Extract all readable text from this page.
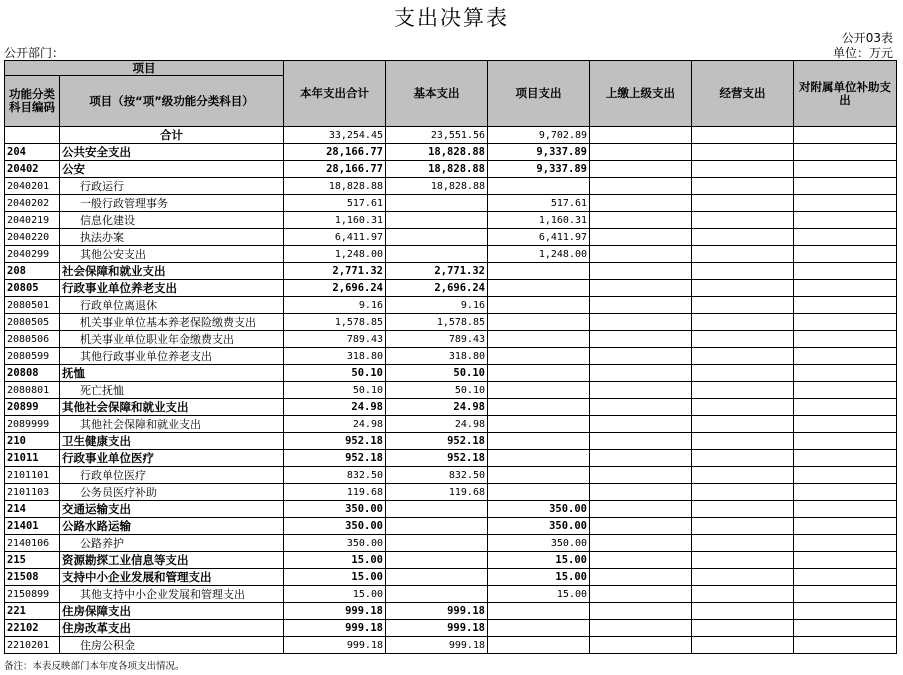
支出决算表
公开03表
公开部门：	单位：万元
项目		本年支出合计	基本支出	项目支出	上缴上级支出	经营支出	对附属单位补助支出
功能分类科目编码	项目（按“项”级功能分类科目）						
	合计	33,254.45	23,551.56	9,702.89			
204	公共安全支出	28,166.77	18,828.88	9,337.89			
20402	公安	28,166.77	18,828.88	9,337.89			
2040201	行政运行	18,828.88	18,828.88				
2040202	一般行政管理事务	517.61		517.61			
2040219	信息化建设	1,160.31		1,160.31			
2040220	执法办案	6,411.97		6,411.97			
2040299	其他公安支出	1,248.00		1,248.00			
208	社会保障和就业支出	2,771.32	2,771.32				
20805	行政事业单位养老支出	2,696.24	2,696.24				
2080501	行政单位离退休	9.16	9.16				
2080505	机关事业单位基本养老保险缴费支出	1,578.85	1,578.85				
2080506	机关事业单位职业年金缴费支出	789.43	789.43				
2080599	其他行政事业单位养老支出	318.80	318.80				
20808	抚恤	50.10	50.10				
2080801	死亡抚恤	50.10	50.10				
20899	其他社会保障和就业支出	24.98	24.98				
2089999	其他社会保障和就业支出	24.98	24.98				
210	卫生健康支出	952.18	952.18				
21011	行政事业单位医疗	952.18	952.18				
2101101	行政单位医疗	832.50	832.50				
2101103	公务员医疗补助	119.68	119.68				
214	交通运输支出	350.00		350.00			
21401	公路水路运输	350.00		350.00			
2140106	公路养护	350.00		350.00			
215	资源勘探工业信息等支出	15.00		15.00			
21508	支持中小企业发展和管理支出	15.00		15.00			
2150899	其他支持中小企业发展和管理支出	15.00		15.00			
221	住房保障支出	999.18	999.18				
22102	住房改革支出	999.18	999.18				
2210201	住房公积金	999.18	999.18				
备注：本表反映部门本年度各项支出情况。
